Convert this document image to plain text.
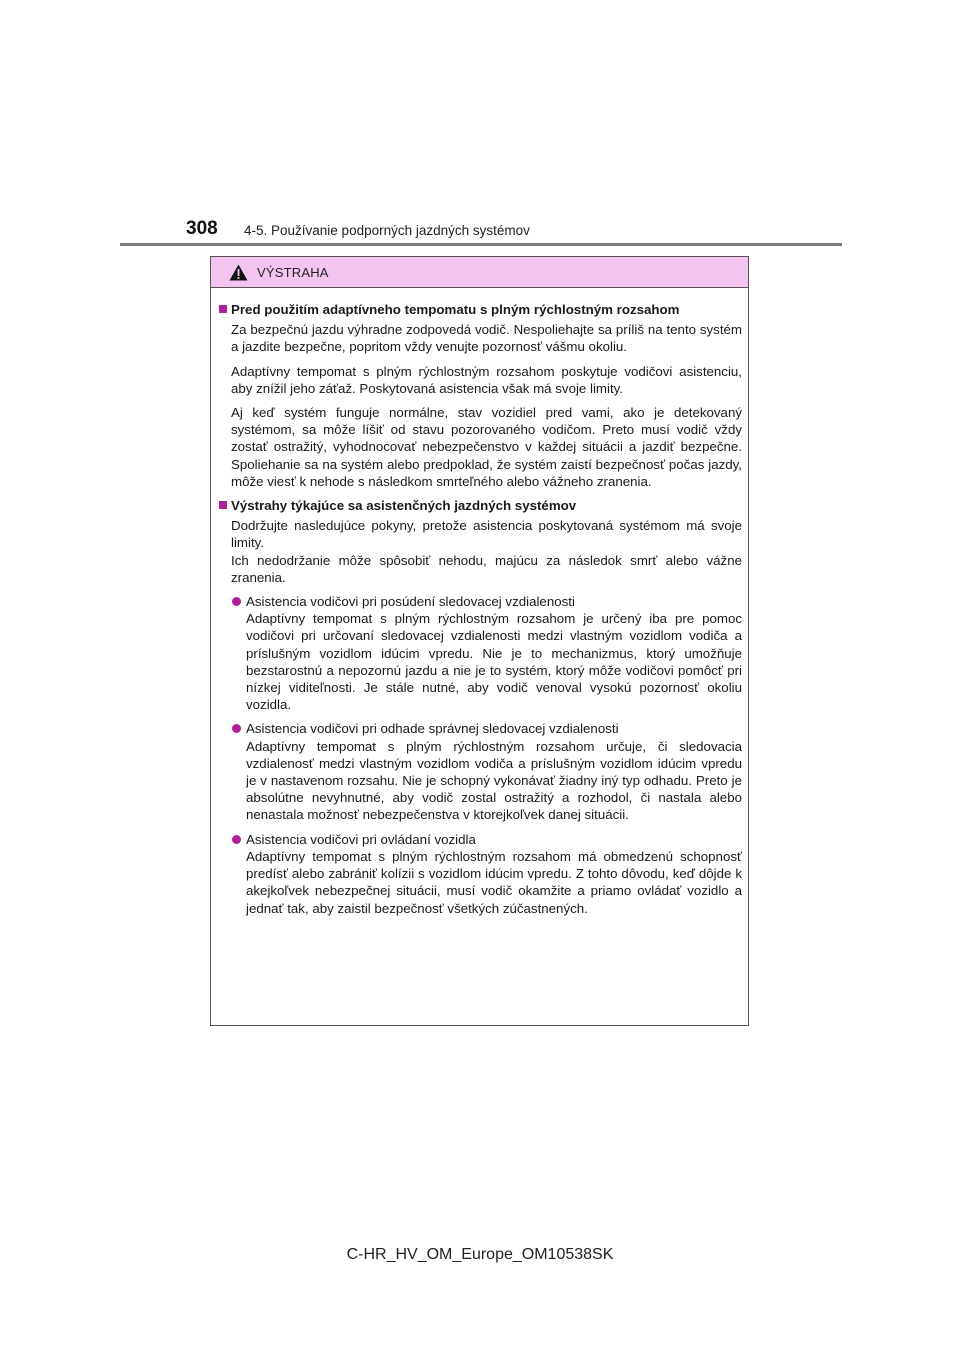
308 4-5. Používanie podporných jazdných systémov
VÝSTRAHA
Pred použitím adaptívneho tempomatu s plným rýchlostným rozsahom

Za bezpečnú jazdu výhradne zodpovedá vodič. Nespoliehajte sa príliš na tento systém a jazdite bezpečne, popritom vždy venujte pozornosť vášmu okoliu.

Adaptívny tempomat s plným rýchlostným rozsahom poskytuje vodičovi asistenciu, aby znížil jeho záťaž. Poskytovaná asistencia však má svoje limity.

Aj keď systém funguje normálne, stav vozidiel pred vami, ako je detekovaný systémom, sa môže líšiť od stavu pozorovaného vodičom. Preto musí vodič vždy zostať ostražitý, vyhodnocovať nebezpečenstvo v každej situácii a jazdiť bezpečne. Spoliehanie sa na systém alebo predpoklad, že systém zaistí bezpečnosť počas jazdy, môže viesť k nehode s následkom smrteľného alebo vážneho zranenia.

Výstrahy týkajúce sa asistenčných jazdných systémov

Dodržujte nasledujúce pokyny, pretože asistencia poskytovaná systémom má svoje limity.

Ich nedodržanie môže spôsobiť nehodu, majúcu za následok smrť alebo vážne zranenia.

Asistencia vodičovi pri posúdení sledovacej vzdialenosti
Adaptívny tempomat s plným rýchlostným rozsahom je určený iba pre pomoc vodičovi pri určovaní sledovacej vzdialenosti medzi vlastným vozidlom vodiča a príslušným vozidlom idúcim vpredu. Nie je to mechanizmus, ktorý umožňuje bezstarostnú a nepozornú jazdu a nie je to systém, ktorý môže vodičovi pomôcť pri nízkej viditeľnosti. Je stále nutné, aby vodič venoval vysokú pozornosť okoliu vozidla.
Asistencia vodičovi pri odhade správnej sledovacej vzdialenosti
Adaptívny tempomat s plným rýchlostným rozsahom určuje, či sledovacia vzdialenosť medzi vlastným vozidlom vodiča a príslušným vozidlom idúcim vpredu je v nastavenom rozsahu. Nie je schopný vykonávať žiadny iný typ odhadu. Preto je absolútne nevyhnutné, aby vodič zostal ostražitý a rozhodol, či nastala alebo nenastala možnosť nebezpečenstva v ktorejkoľvek danej situácii.
Asistencia vodičovi pri ovládaní vozidla
Adaptívny tempomat s plným rýchlostným rozsahom má obmedzenú schopnosť predísť alebo zabrániť kolízii s vozidlom idúcim vpredu. Z tohto dôvodu, keď dôjde k akejkoľvek nebezpečnej situácii, musí vodič okamžite a priamo ovládať vozidlo a jednať tak, aby zaistil bezpečnosť všetkých zúčastnených.
C-HR_HV_OM_Europe_OM10538SK
